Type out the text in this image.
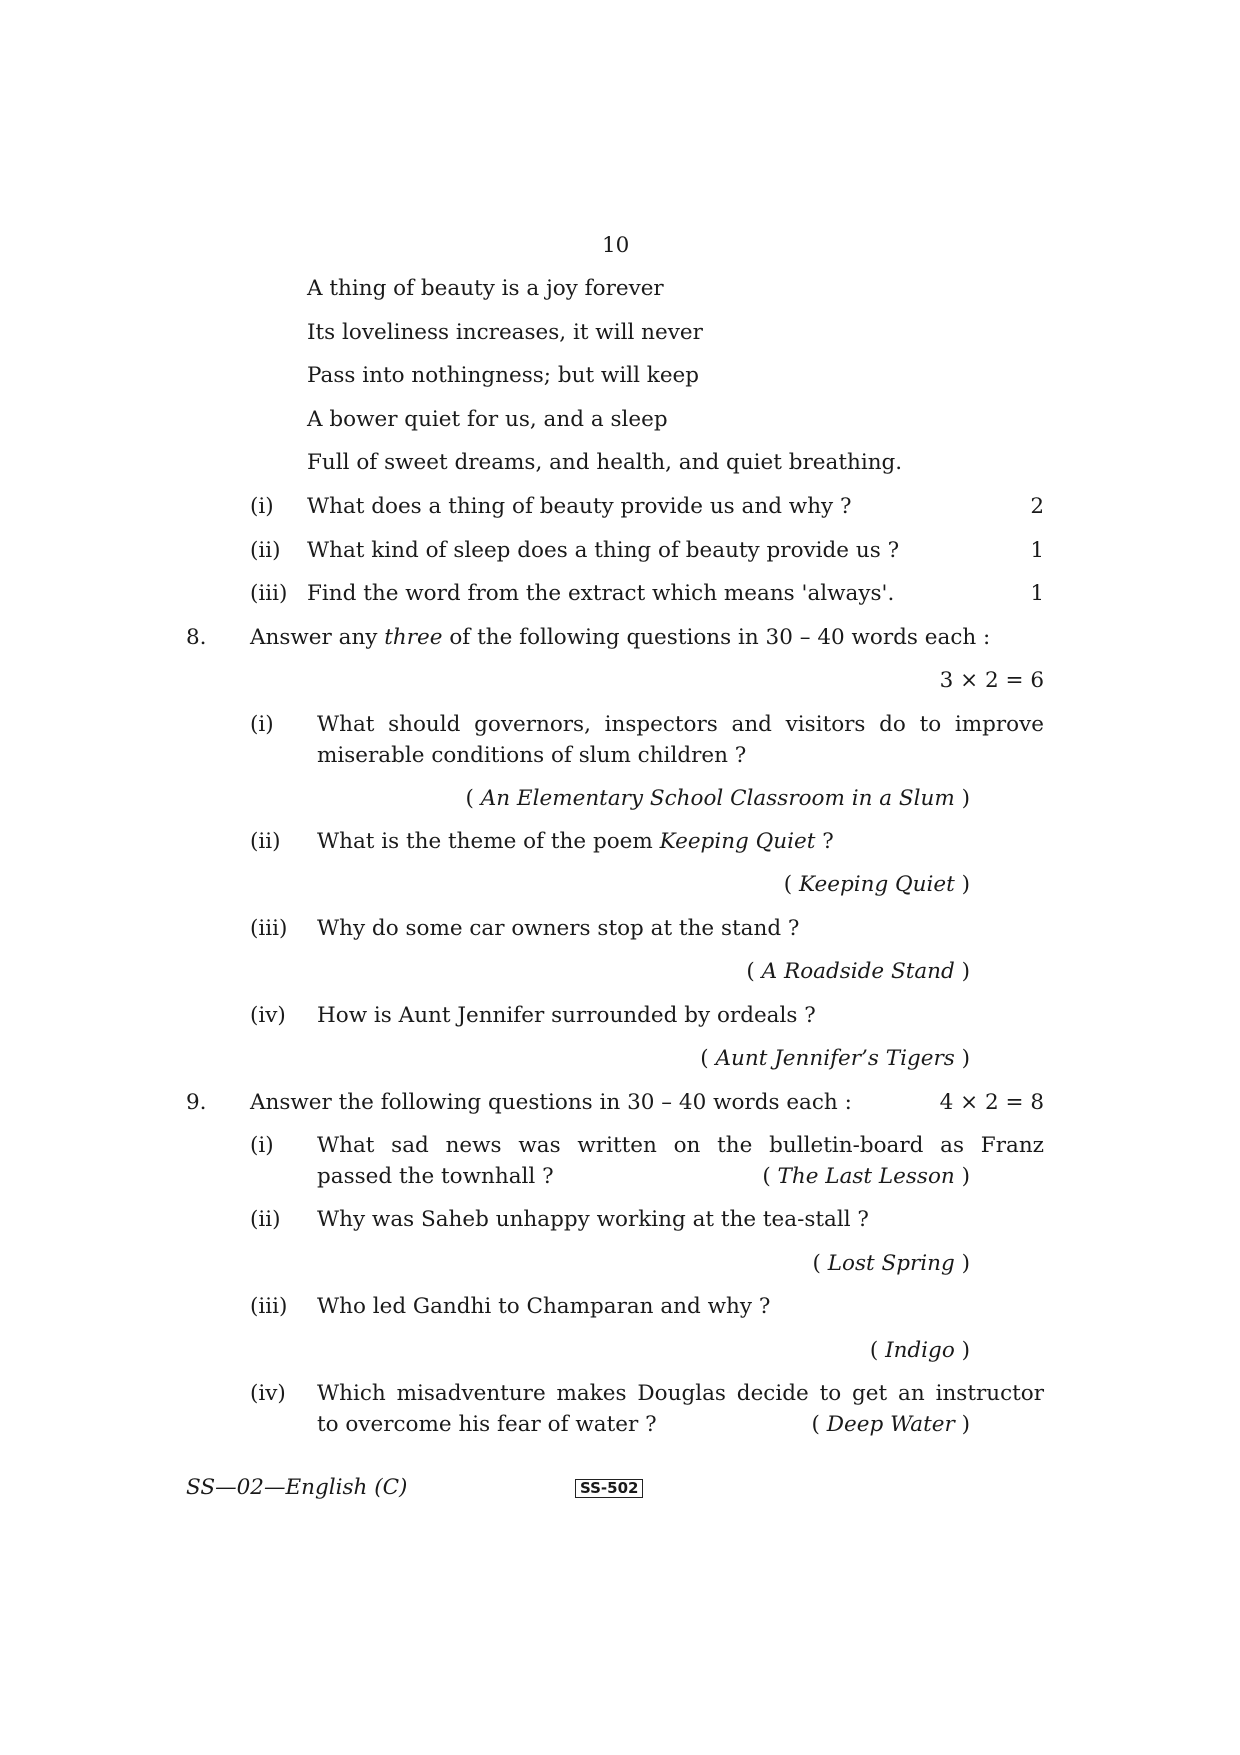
10
A thing of beauty is a joy forever
Its loveliness increases, it will never
Pass into nothingness; but will keep
A bower quiet for us, and a sleep
Full of sweet dreams, and health, and quiet breathing.
(i) What does a thing of beauty provide us and why ?	2
(ii) What kind of sleep does a thing of beauty provide us ?	1
(iii) Find the word from the extract which means 'always'.	1
8. Answer any three of the following questions in 30 – 40 words each :
3 × 2 = 6
(i) What should governors, inspectors and visitors do to improve
miserable conditions of slum children ?
( An Elementary School Classroom in a Slum )
(ii) What is the theme of the poem Keeping Quiet ?
( Keeping Quiet )
(iii) Why do some car owners stop at the stand ?
( A Roadside Stand )
(iv) How is Aunt Jennifer surrounded by ordeals ?
( Aunt Jennifer’s Tigers )
9. Answer the following questions in 30 – 40 words each :	4 × 2 = 8
(i) What sad news was written on the bulletin-board as Franz
passed the townhall ?	( The Last Lesson )
(ii) Why was Saheb unhappy working at the tea-stall ?
( Lost Spring )
(iii) Who led Gandhi to Champaran and why ?
( Indigo )
(iv) Which misadventure makes Douglas decide to get an instructor
to overcome his fear of water ?	( Deep Water )
SS—02—English (C)	SS-502
